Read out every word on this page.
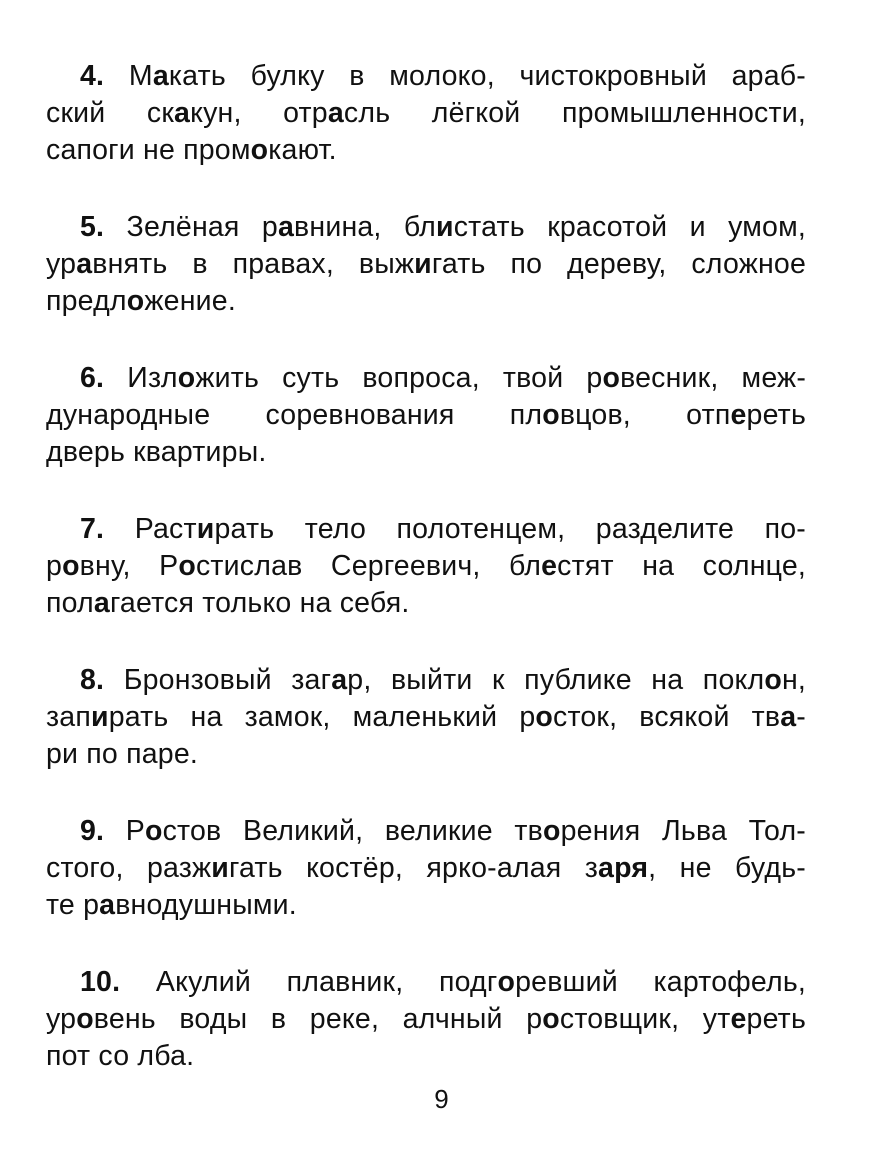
4. Макать булку в молоко, чистокровный араб-
ский скакун, отрасль лёгкой промышленности,
сапоги не промокают.
5. Зелёная равнина, блистать красотой и умом,
уравнять в правах, выжигать по дереву, сложное
предложение.
6. Изложить суть вопроса, твой ровесник, меж-
дународные соревнования пловцов, отпереть
дверь квартиры.
7. Растирать тело полотенцем, разделите по-
ровну, Ростислав Сергеевич, блестят на солнце,
полагается только на себя.
8. Бронзовый загар, выйти к публике на поклон,
запирать на замок, маленький росток, всякой тва-
ри по паре.
9. Ростов Великий, великие творения Льва Тол-
стого, разжигать костёр, ярко-алая заря, не будь-
те равнодушными.
10. Акулий плавник, подгоревший картофель,
уровень воды в реке, алчный ростовщик, утереть
пот со лба.
9
